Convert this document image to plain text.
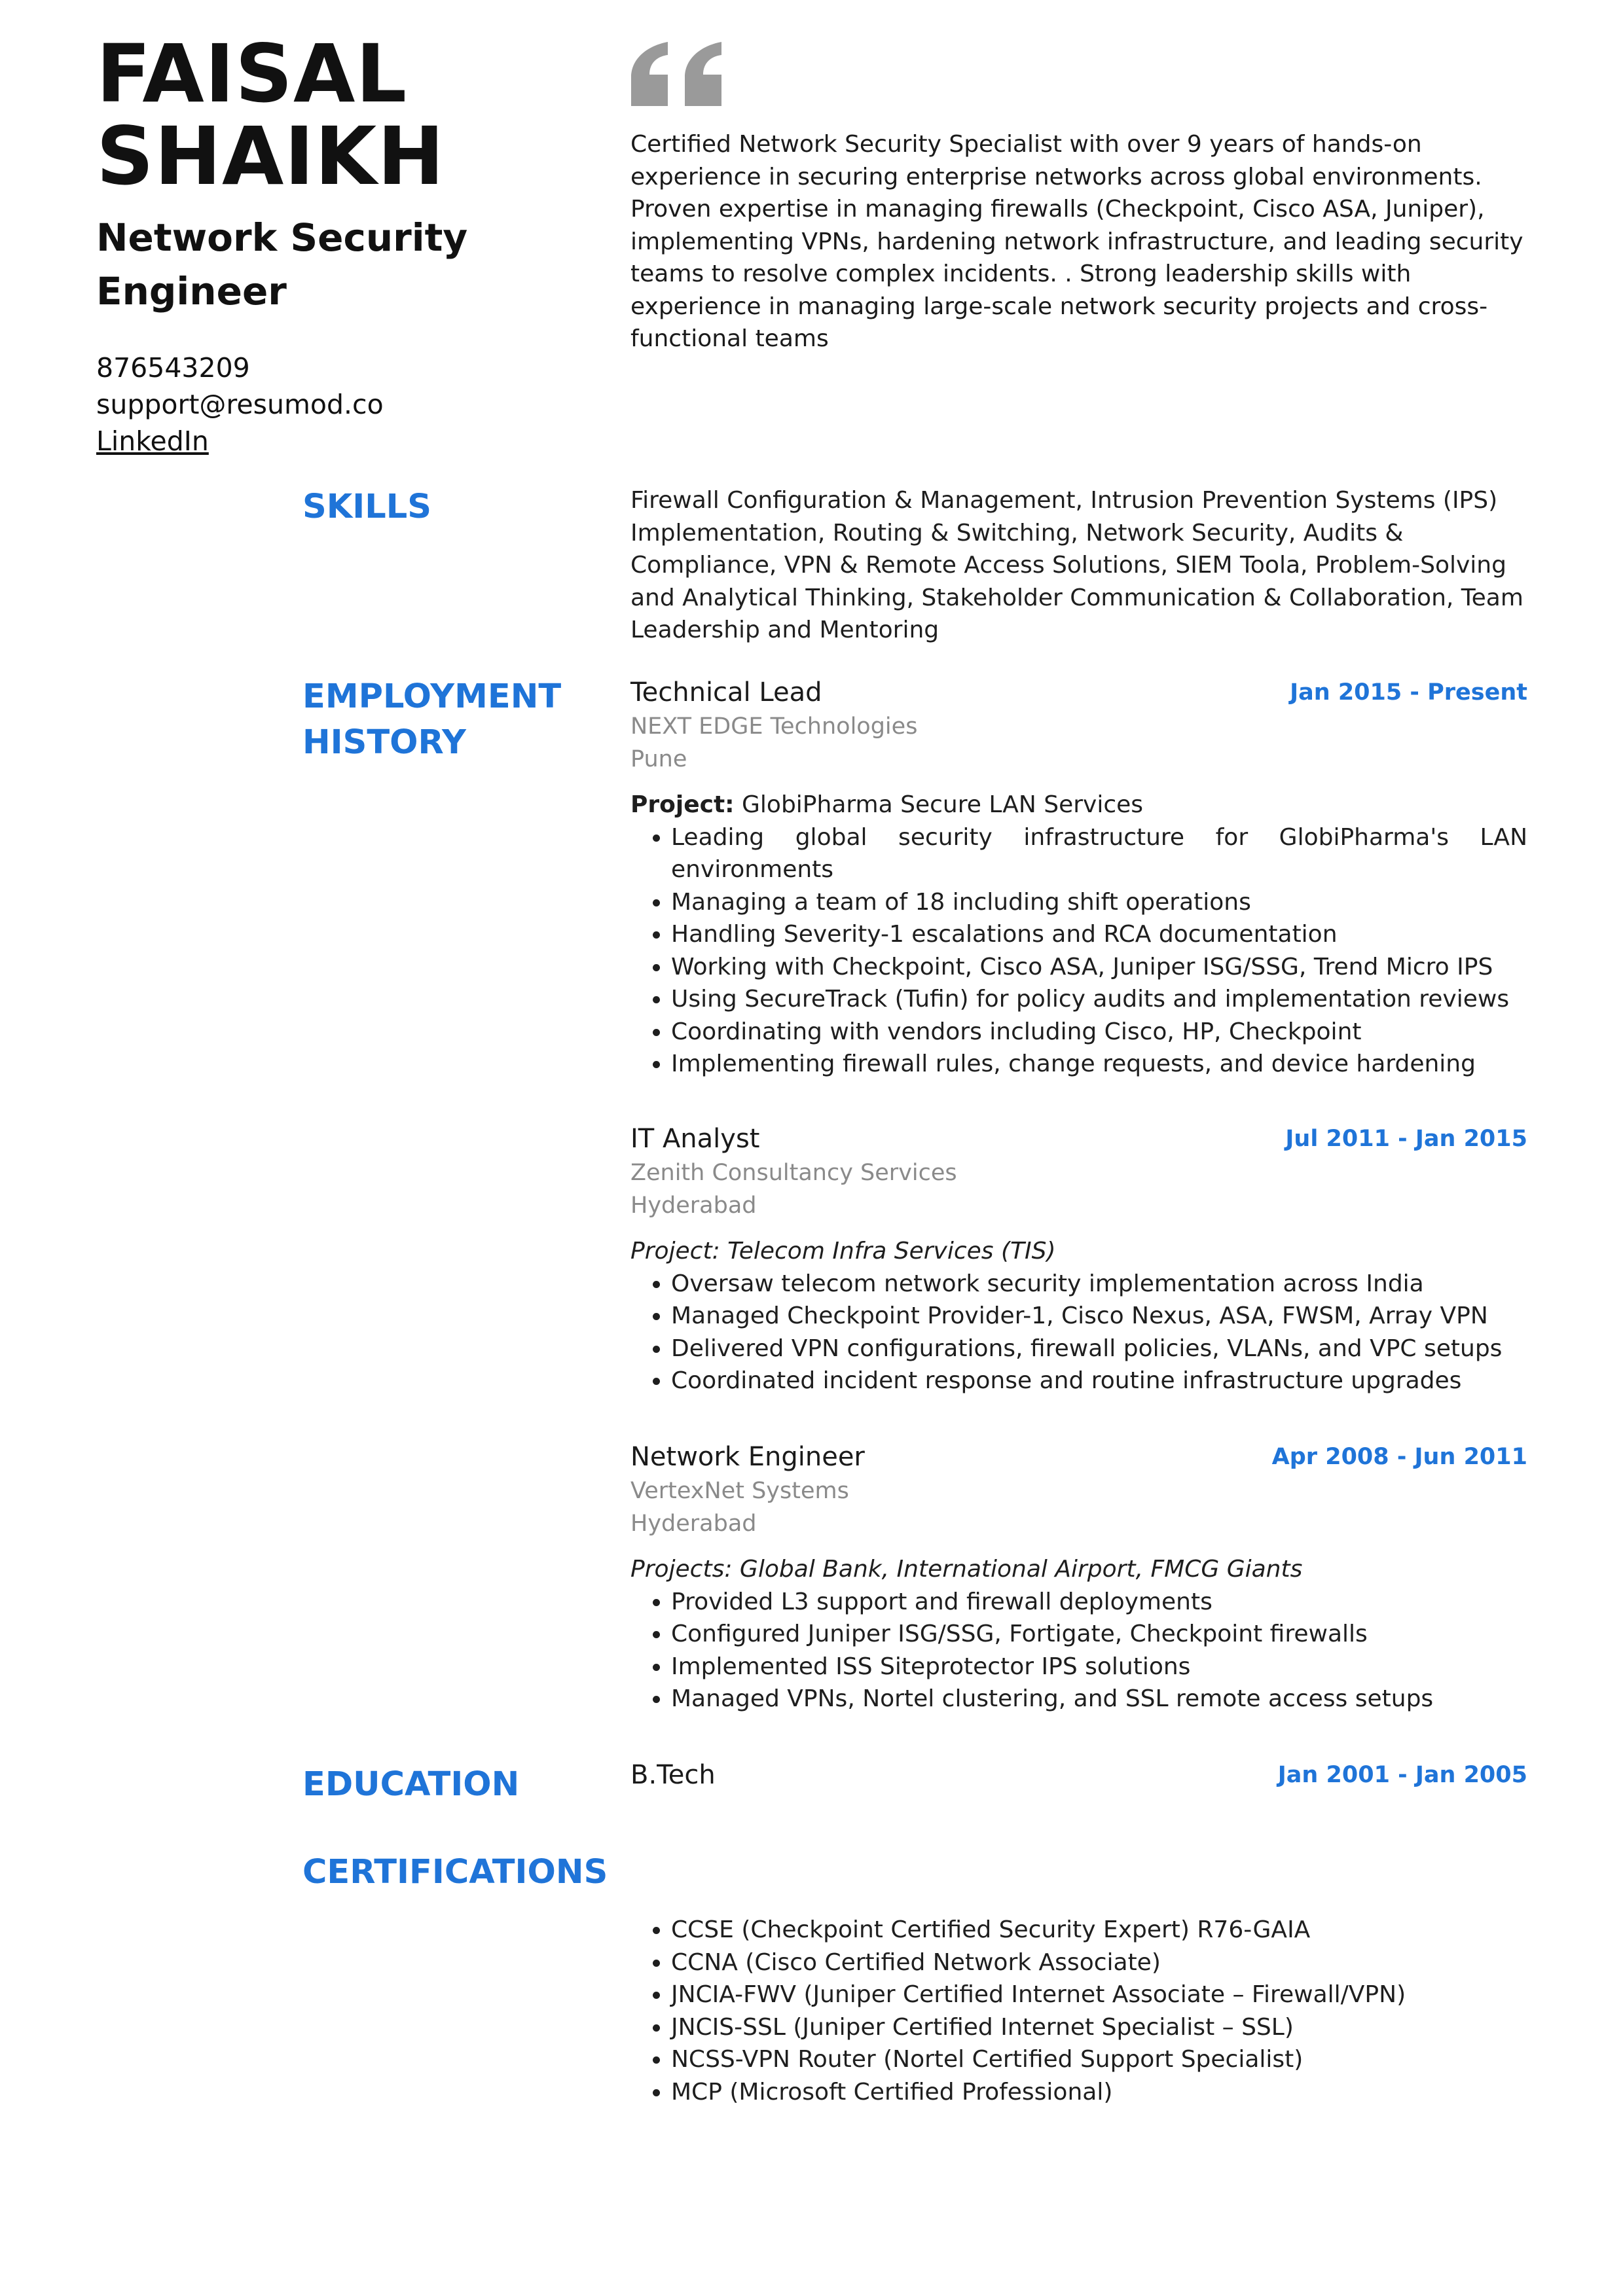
FAISAL
SHAIKH
Network Security Engineer
876543209
support@resumod.co
LinkedIn

Certified Network Security Specialist with over 9 years of hands-on experience in securing enterprise networks across global environments. Proven expertise in managing firewalls (Checkpoint, Cisco ASA, Juniper), implementing VPNs, hardening network infrastructure, and leading security teams to resolve complex incidents. . Strong leadership skills with experience in managing large-scale network security projects and cross-functional teams

SKILLS	Firewall Configuration & Management, Intrusion Prevention Systems (IPS) Implementation, Routing & Switching, Network Security, Audits & Compliance, VPN & Remote Access Solutions, SIEM Toola, Problem-Solving and Analytical Thinking, Stakeholder Communication & Collaboration, Team Leadership and Mentoring

EMPLOYMENT HISTORY
Technical Lead	Jan 2015 - Present
NEXT EDGE Technologies
Pune
Project: GlobiPharma Secure LAN Services
• Leading global security infrastructure for GlobiPharma's LAN environments
• Managing a team of 18 including shift operations
• Handling Severity-1 escalations and RCA documentation
• Working with Checkpoint, Cisco ASA, Juniper ISG/SSG, Trend Micro IPS
• Using SecureTrack (Tufin) for policy audits and implementation reviews
• Coordinating with vendors including Cisco, HP, Checkpoint
• Implementing firewall rules, change requests, and device hardening
IT Analyst	Jul 2011 - Jan 2015
Zenith Consultancy Services
Hyderabad
Project: Telecom Infra Services (TIS)
• Oversaw telecom network security implementation across India
• Managed Checkpoint Provider-1, Cisco Nexus, ASA, FWSM, Array VPN
• Delivered VPN configurations, firewall policies, VLANs, and VPC setups
• Coordinated incident response and routine infrastructure upgrades
Network Engineer	Apr 2008 - Jun 2011
VertexNet Systems
Hyderabad
Projects: Global Bank, International Airport, FMCG Giants
• Provided L3 support and firewall deployments
• Configured Juniper ISG/SSG, Fortigate, Checkpoint firewalls
• Implemented ISS Siteprotector IPS solutions
• Managed VPNs, Nortel clustering, and SSL remote access setups
EDUCATION	B.Tech	Jan 2001 - Jan 2005
CERTIFICATIONS
• CCSE (Checkpoint Certified Security Expert) R76-GAIA
• CCNA (Cisco Certified Network Associate)
• JNCIA-FWV (Juniper Certified Internet Associate – Firewall/VPN)
• JNCIS-SSL (Juniper Certified Internet Specialist – SSL)
• NCSS-VPN Router (Nortel Certified Support Specialist)
• MCP (Microsoft Certified Professional)
